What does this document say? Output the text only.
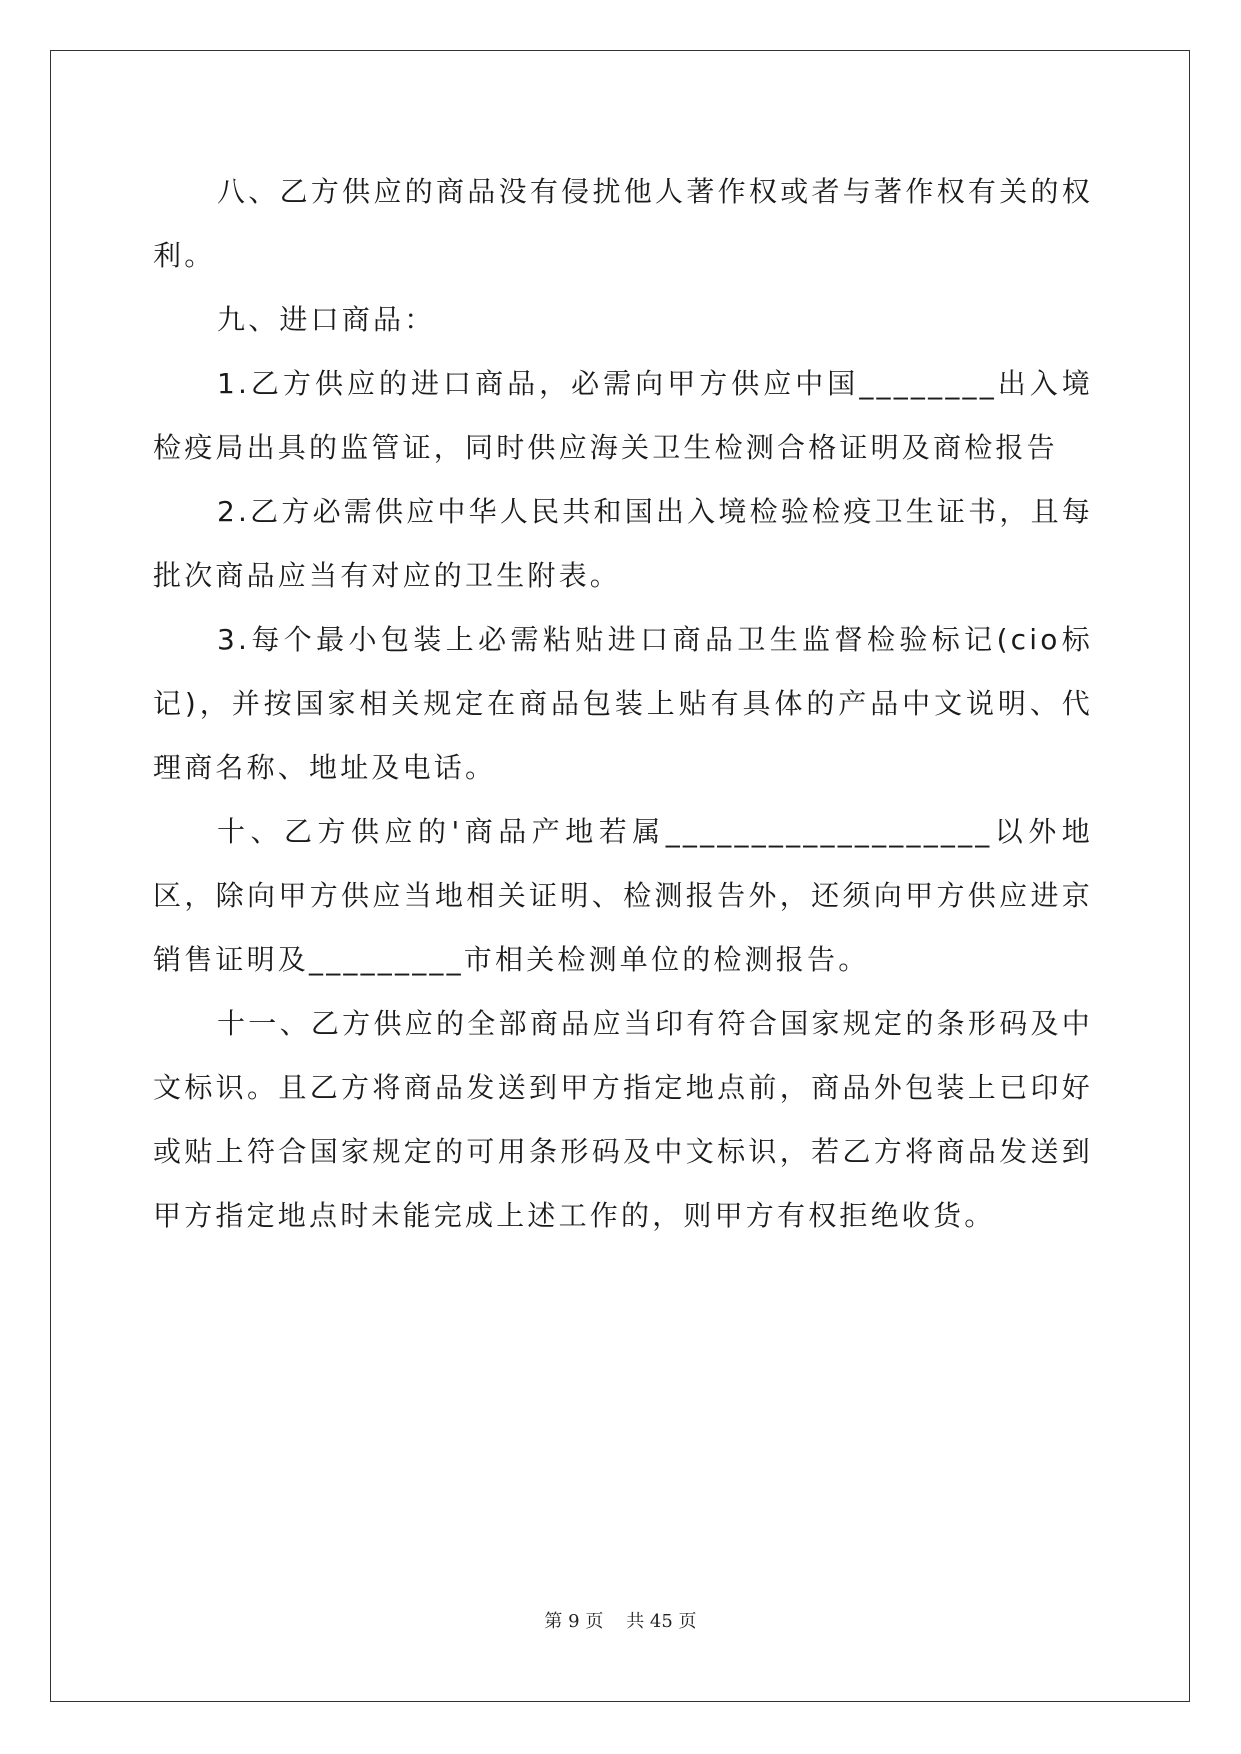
八、乙方供应的商品没有侵扰他人著作权或者与著作权有关的权利。

九、进口商品：

1.乙方供应的进口商品，必需向甲方供应中国________出入境检疫局出具的监管证，同时供应海关卫生检测合格证明及商检报告

2.乙方必需供应中华人民共和国出入境检验检疫卫生证书，且每批次商品应当有对应的卫生附表。

3.每个最小包装上必需粘贴进口商品卫生监督检验标记(cio标记)，并按国家相关规定在商品包装上贴有具体的产品中文说明、代理商名称、地址及电话。

十、乙方供应的'商品产地若属___________________以外地区，除向甲方供应当地相关证明、检测报告外，还须向甲方供应进京销售证明及_________市相关检测单位的检测报告。

十一、乙方供应的全部商品应当印有符合国家规定的条形码及中文标识。且乙方将商品发送到甲方指定地点前，商品外包装上已印好或贴上符合国家规定的可用条形码及中文标识，若乙方将商品发送到甲方指定地点时未能完成上述工作的，则甲方有权拒绝收货。

第 9 页    共 45 页
